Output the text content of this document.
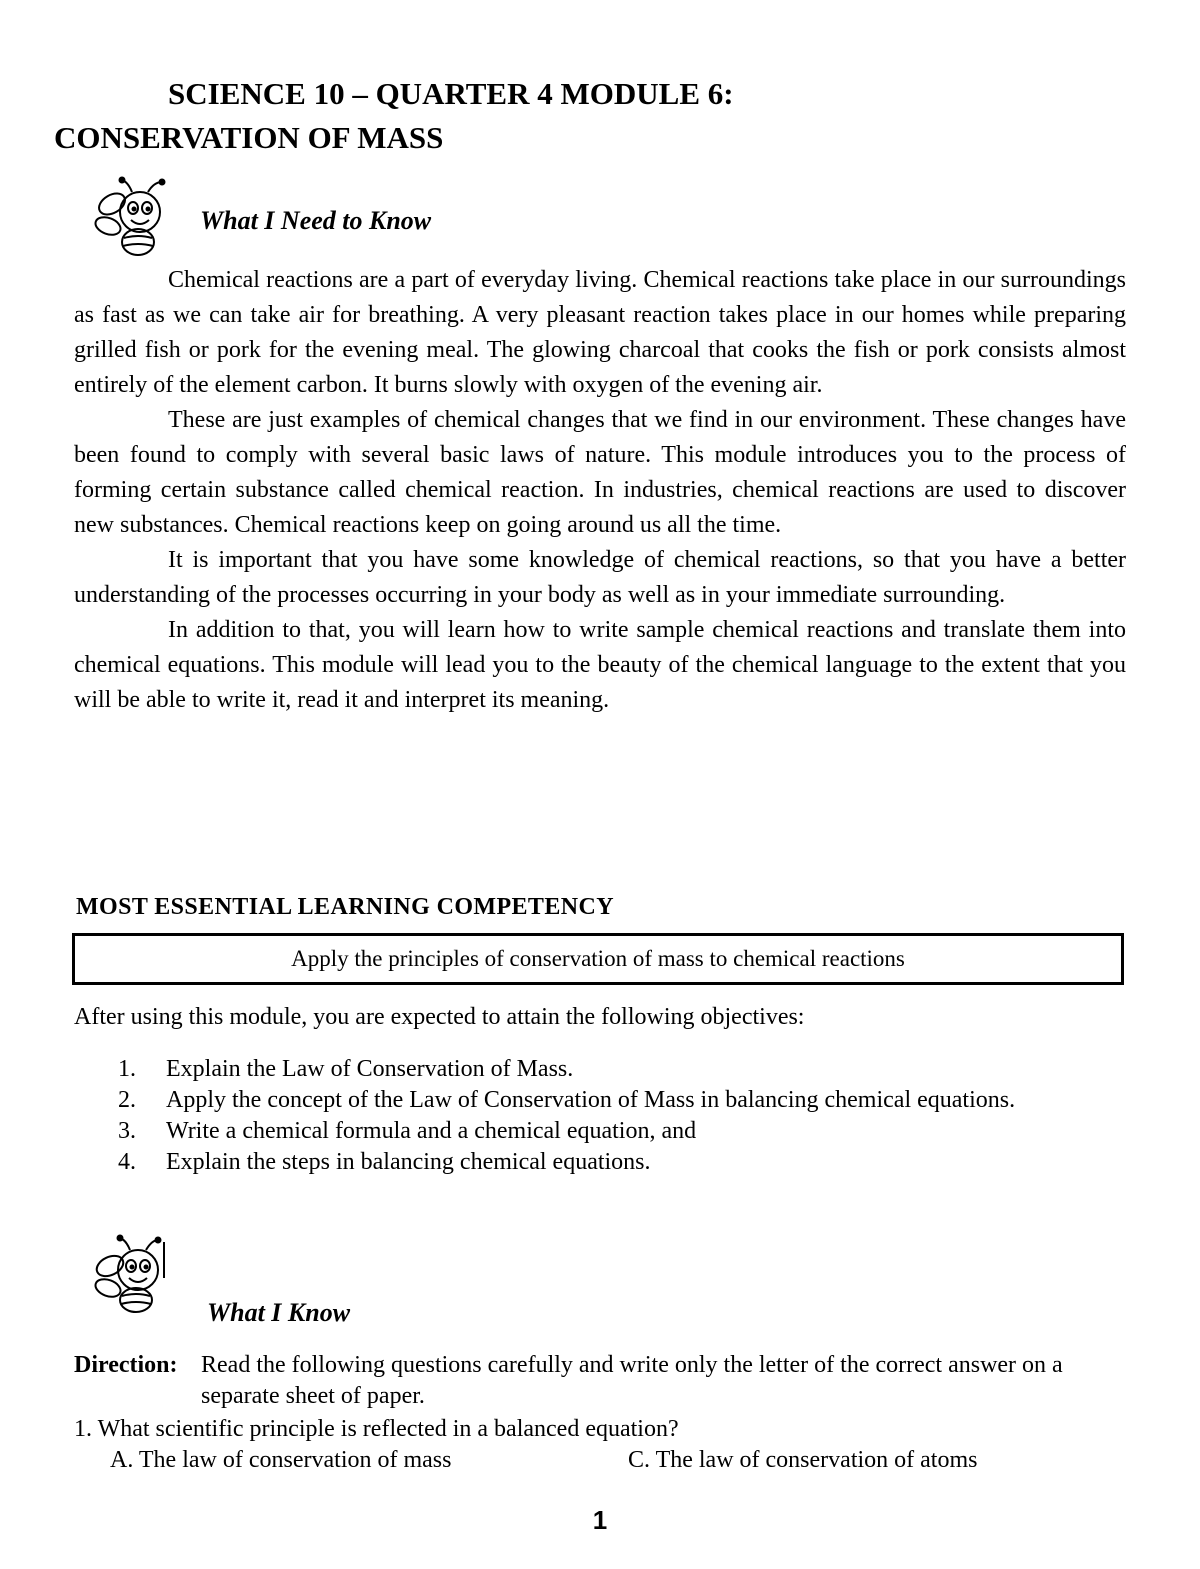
SCIENCE 10 – QUARTER 4 MODULE 6:
CONSERVATION OF MASS
What I Need to Know

Chemical reactions are a part of everyday living. Chemical reactions take place in our surroundings as fast as we can take air for breathing. A very pleasant reaction takes place in our homes while preparing grilled fish or pork for the evening meal. The glowing charcoal that cooks the fish or pork consists almost entirely of the element carbon. It burns slowly with oxygen of the evening air.

These are just examples of chemical changes that we find in our environment. These changes have been found to comply with several basic laws of nature. This module introduces you to the process of forming certain substance called chemical reaction. In industries, chemical reactions are used to discover new substances. Chemical reactions keep on going around us all the time.

It is important that you have some knowledge of chemical reactions, so that you have a better understanding of the processes occurring in your body as well as in your immediate surrounding.

In addition to that, you will learn how to write sample chemical reactions and translate them into chemical equations. This module will lead you to the beauty of the chemical language to the extent that you will be able to write it, read it and interpret its meaning.

MOST ESSENTIAL LEARNING COMPETENCY
Apply the principles of conservation of mass to chemical reactions
After using this module, you are expected to attain the following objectives:
1.	Explain the Law of Conservation of Mass.
2.	Apply the concept of the Law of Conservation of Mass in balancing chemical equations.
3.	Write a chemical formula and a chemical equation, and
4.	Explain the steps in balancing chemical equations.
What I Know
Direction: Read the following questions carefully and write only the letter of the correct answer on a separate sheet of paper.
1. What scientific principle is reflected in a balanced equation?
A. The law of conservation of mass	C. The law of conservation of atoms
1
